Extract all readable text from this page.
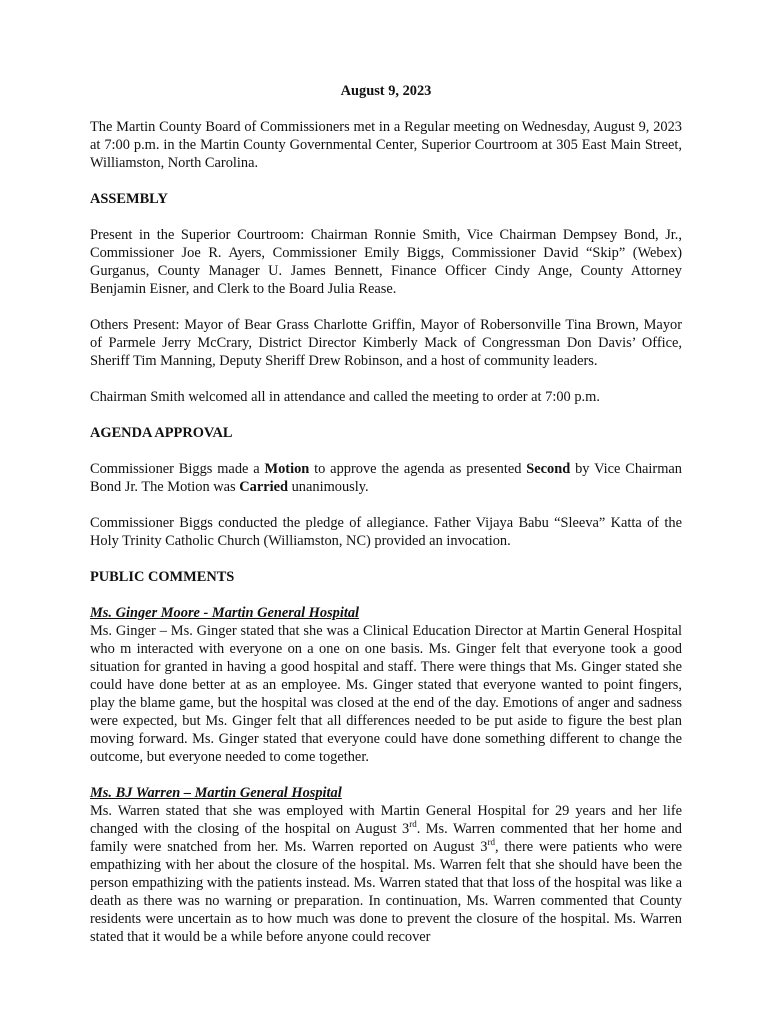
August 9, 2023

The Martin County Board of Commissioners met in a Regular meeting on Wednesday, August 9, 2023 at 7:00 p.m. in the Martin County Governmental Center, Superior Courtroom at 305 East Main Street, Williamston, North Carolina.

ASSEMBLY

Present in the Superior Courtroom: Chairman Ronnie Smith, Vice Chairman Dempsey Bond, Jr., Commissioner Joe R. Ayers, Commissioner Emily Biggs, Commissioner David “Skip” (Webex) Gurganus, County Manager U. James Bennett, Finance Officer Cindy Ange, County Attorney Benjamin Eisner, and Clerk to the Board Julia Rease.

Others Present: Mayor of Bear Grass Charlotte Griffin, Mayor of Robersonville Tina Brown, Mayor of Parmele Jerry McCrary, District Director Kimberly Mack of Congressman Don Davis’ Office, Sheriff Tim Manning, Deputy Sheriff Drew Robinson, and a host of community leaders.

Chairman Smith welcomed all in attendance and called the meeting to order at 7:00 p.m.

AGENDA APPROVAL

Commissioner Biggs made a Motion to approve the agenda as presented Second by Vice Chairman Bond Jr. The Motion was Carried unanimously.

Commissioner Biggs conducted the pledge of allegiance. Father Vijaya Babu “Sleeva” Katta of the Holy Trinity Catholic Church (Williamston, NC) provided an invocation.

PUBLIC COMMENTS
Ms. Ginger Moore - Martin General Hospital

Ms. Ginger – Ms. Ginger stated that she was a Clinical Education Director at Martin General Hospital who m interacted with everyone on a one on one basis. Ms. Ginger felt that everyone took a good situation for granted in having a good hospital and staff. There were things that Ms. Ginger stated she could have done better at as an employee. Ms. Ginger stated that everyone wanted to point fingers, play the blame game, but the hospital was closed at the end of the day. Emotions of anger and sadness were expected, but Ms. Ginger felt that all differences needed to be put aside to figure the best plan moving forward. Ms. Ginger stated that everyone could have done something different to change the outcome, but everyone needed to come together.

Ms. BJ Warren – Martin General Hospital

Ms. Warren stated that she was employed with Martin General Hospital for 29 years and her life changed with the closing of the hospital on August 3rd. Ms. Warren commented that her home and family were snatched from her. Ms. Warren reported on August 3rd, there were patients who were empathizing with her about the closure of the hospital. Ms. Warren felt that she should have been the person empathizing with the patients instead. Ms. Warren stated that that loss of the hospital was like a death as there was no warning or preparation. In continuation, Ms. Warren commented that County residents were uncertain as to how much was done to prevent the closure of the hospital. Ms. Warren stated that it would be a while before anyone could recover
